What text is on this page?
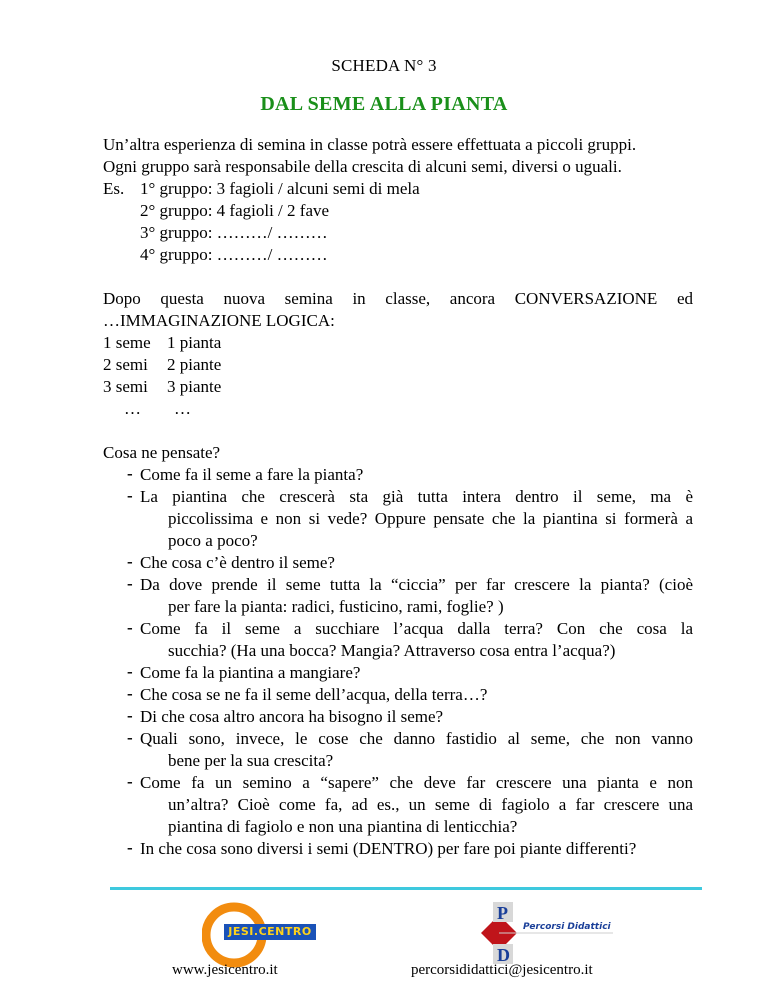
SCHEDA N° 3
DAL SEME ALLA PIANTA
Un’altra esperienza di semina in classe potrà essere effettuata a piccoli gruppi.
Ogni gruppo sarà responsabile della crescita di alcuni semi, diversi o uguali.
Es. 1° gruppo: 3 fagioli / alcuni semi di mela
2° gruppo: 4 fagioli / 2 fave
3° gruppo: ………/ ………
4° gruppo: ………/ ………
Dopo questa nuova semina in classe, ancora CONVERSAZIONE ed
…IMMAGINAZIONE LOGICA:
1 seme 1 pianta
2 semi	2 piante
3 semi	3 piante
…	…
Cosa ne pensate?
- Come fa il seme a fare la pianta?
- La piantina che crescerà sta già tutta intera dentro il seme, ma è
piccolissima e non si vede? Oppure pensate che la piantina si formerà a
poco a poco?
- Che cosa c’è dentro il seme?
- Da dove prende il seme tutta la “ciccia” per far crescere la pianta? (cioè
per fare la pianta: radici, fusticino, rami, foglie? )
- Come fa il seme a succhiare l’acqua dalla terra? Con che cosa la
succhia? (Ha una bocca? Mangia? Attraverso cosa entra l’acqua?)
- Come fa la piantina a mangiare?
- Che cosa se ne fa il seme dell’acqua, della terra…?
- Di che cosa altro ancora ha bisogno il seme?
- Quali sono, invece, le cose che danno fastidio al seme, che non vanno
bene per la sua crescita?
- Come fa un semino a “sapere” che deve far crescere una pianta e non
un’altra? Cioè come fa, ad es., un seme di fagiolo a far crescere una
piantina di fagiolo e non una piantina di lenticchia?
- In che cosa sono diversi i semi (DENTRO) per fare poi piante differenti?
JESI.CENTRO
P
D
Percorsi Didattici
www.jesicentro.it	percorsididattici@jesicentro.it
